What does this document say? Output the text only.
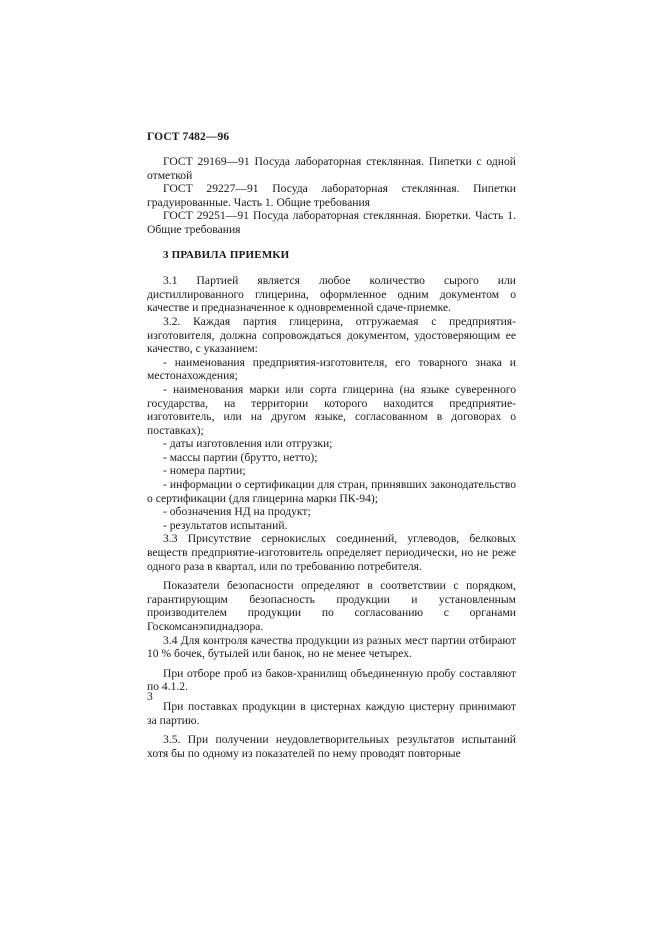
ГОСТ 7482—96

ГОСТ 29169—91 Посуда лабораторная стеклянная. Пипетки с одной отметкой

ГОСТ 29227—91 Посуда лабораторная стеклянная. Пипетки градуированные. Часть 1. Общие требования

ГОСТ 29251—91 Посуда лабораторная стеклянная. Бюретки. Часть 1. Общие требования

3 ПРАВИЛА ПРИЕМКИ

3.1 Партией является любое количество сырого или дистиллированного глицерина, оформленное одним документом о качестве и предназначенное к одновременной сдаче-приемке.

3.2. Каждая партия глицерина, отгружаемая с предприятия-изготовителя, должна сопровождаться документом, удостоверяющим ее качество, с указанием:

- наименования предприятия-изготовителя, его товарного знака и местонахождения;

- наименования марки или сорта глицерина (на языке суверенного государства, на территории которого находится предприятие-изготовитель, или на другом языке, согласованном в договорах о поставках);

- даты изготовления или отгрузки;

- массы партии (брутто, нетто);

- номера партии;

- информации о сертификации для стран, принявших законодательство о сертификации (для глицерина марки ПК-94);

- обозначения НД на продукт;

- результатов испытаний.

3.3 Присутствие сернокислых соединений, углеводов, белковых веществ предприятие-изготовитель определяет периодически, но не реже одного раза в квартал, или по требованию потребителя.

Показатели безопасности определяют в соответствии с порядком, гарантирующим безопасность продукции и установленным производителем продукции по согласованию с органами Госкомсанэпиднадзора.

3.4 Для контроля качества продукции из разных мест партии отбирают 10 % бочек, бутылей или банок, но не менее четырех.

При отборе проб из баков-хранилищ объединенную пробу составляют по 4.1.2.

При поставках продукции в цистернах каждую цистерну принимают за партию.

3.5. При получении неудовлетворительных результатов испытаний хотя бы по одному из показателей по нему проводят повторные

3
